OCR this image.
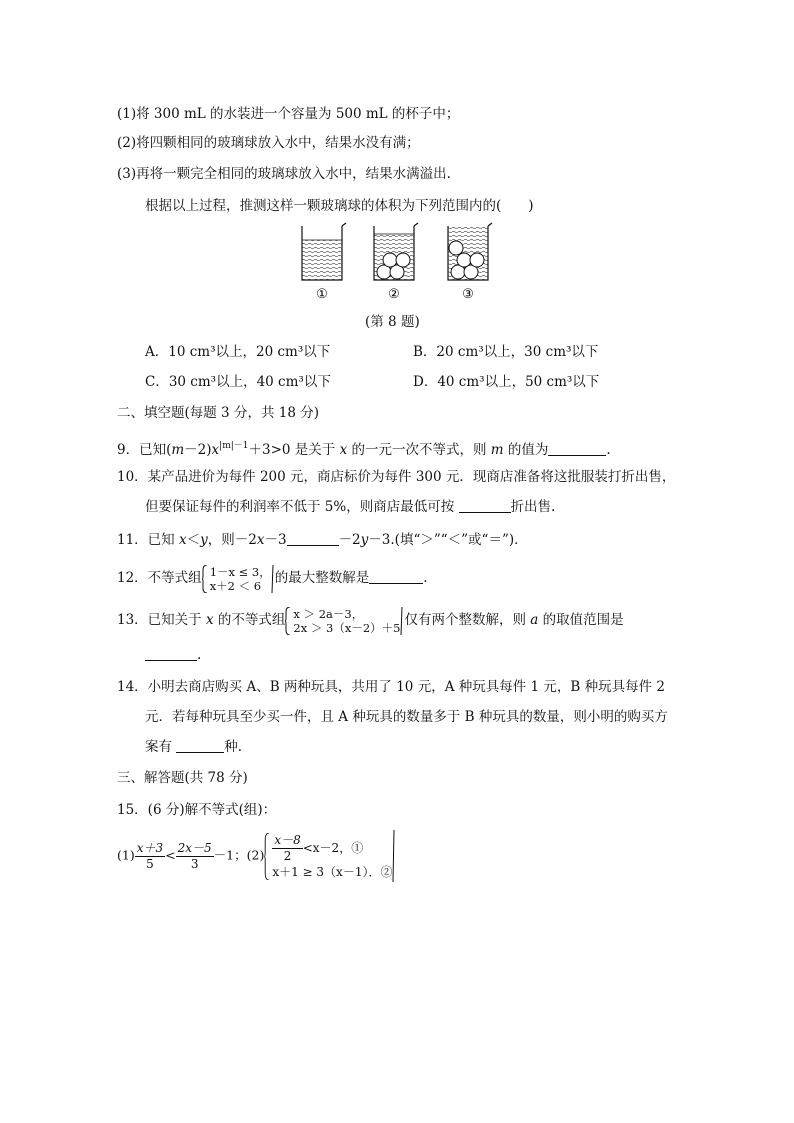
(1)将 300 mL 的水装进一个容量为 500 mL 的杯子中；
(2)将四颗相同的玻璃球放入水中，结果水没有满；
(3)再将一颗完全相同的玻璃球放入水中，结果水满溢出.
根据以上过程，推测这样一颗玻璃球的体积为下列范围内的(　　)
①	②	③
(第 8 题)
A．10 cm³以上，20 cm³以下	B．20 cm³以上，30 cm³以下
C．30 cm³以上，40 cm³以下	D．40 cm³以上，50 cm³以下
二、填空题(每题 3 分，共 18 分)
9．已知$(m-2)x^{|m|-1}+3>0$ 是关于 x 的一元一次不等式，则 m 的值为	.
10．某产品进价为每件 200 元，商店标价为每件 300 元．现商店准备将这批服装打折出售，
但要保证每件的利润率不低于 5%，则商店最低可按	折出售.
11．已知 x＜y，则－2x－3	－2y－3.(填“＞”“＜”或“＝”)．
12．不等式组 1－x ≤ 3，
x＋2 ＜ 6	的最大整数解是	.
13．已知关于 x 的不等式组 x ＞ 2a－3，
2x ＞ 3（x－2）＋5 仅有两个整数解，则 a 的取值范围是
.
14．小明去商店购买 A、B 两种玩具，共用了 10 元，A 种玩具每件 1 元，B 种玩具每件 2
元．若每种玩具至少买一件，且 A 种玩具的数量多于 B 种玩具的数量，则小明的购买方
案有	种.
三、解答题(共 78 分)
15．(6 分)解不等式(组)：
$(1) \frac{x+3}{5} < \frac{2x-5}{3} -1$；$(2) \frac{x-8}{2} <x-2$，①
x＋1 ≥ 3（x－1）．②
